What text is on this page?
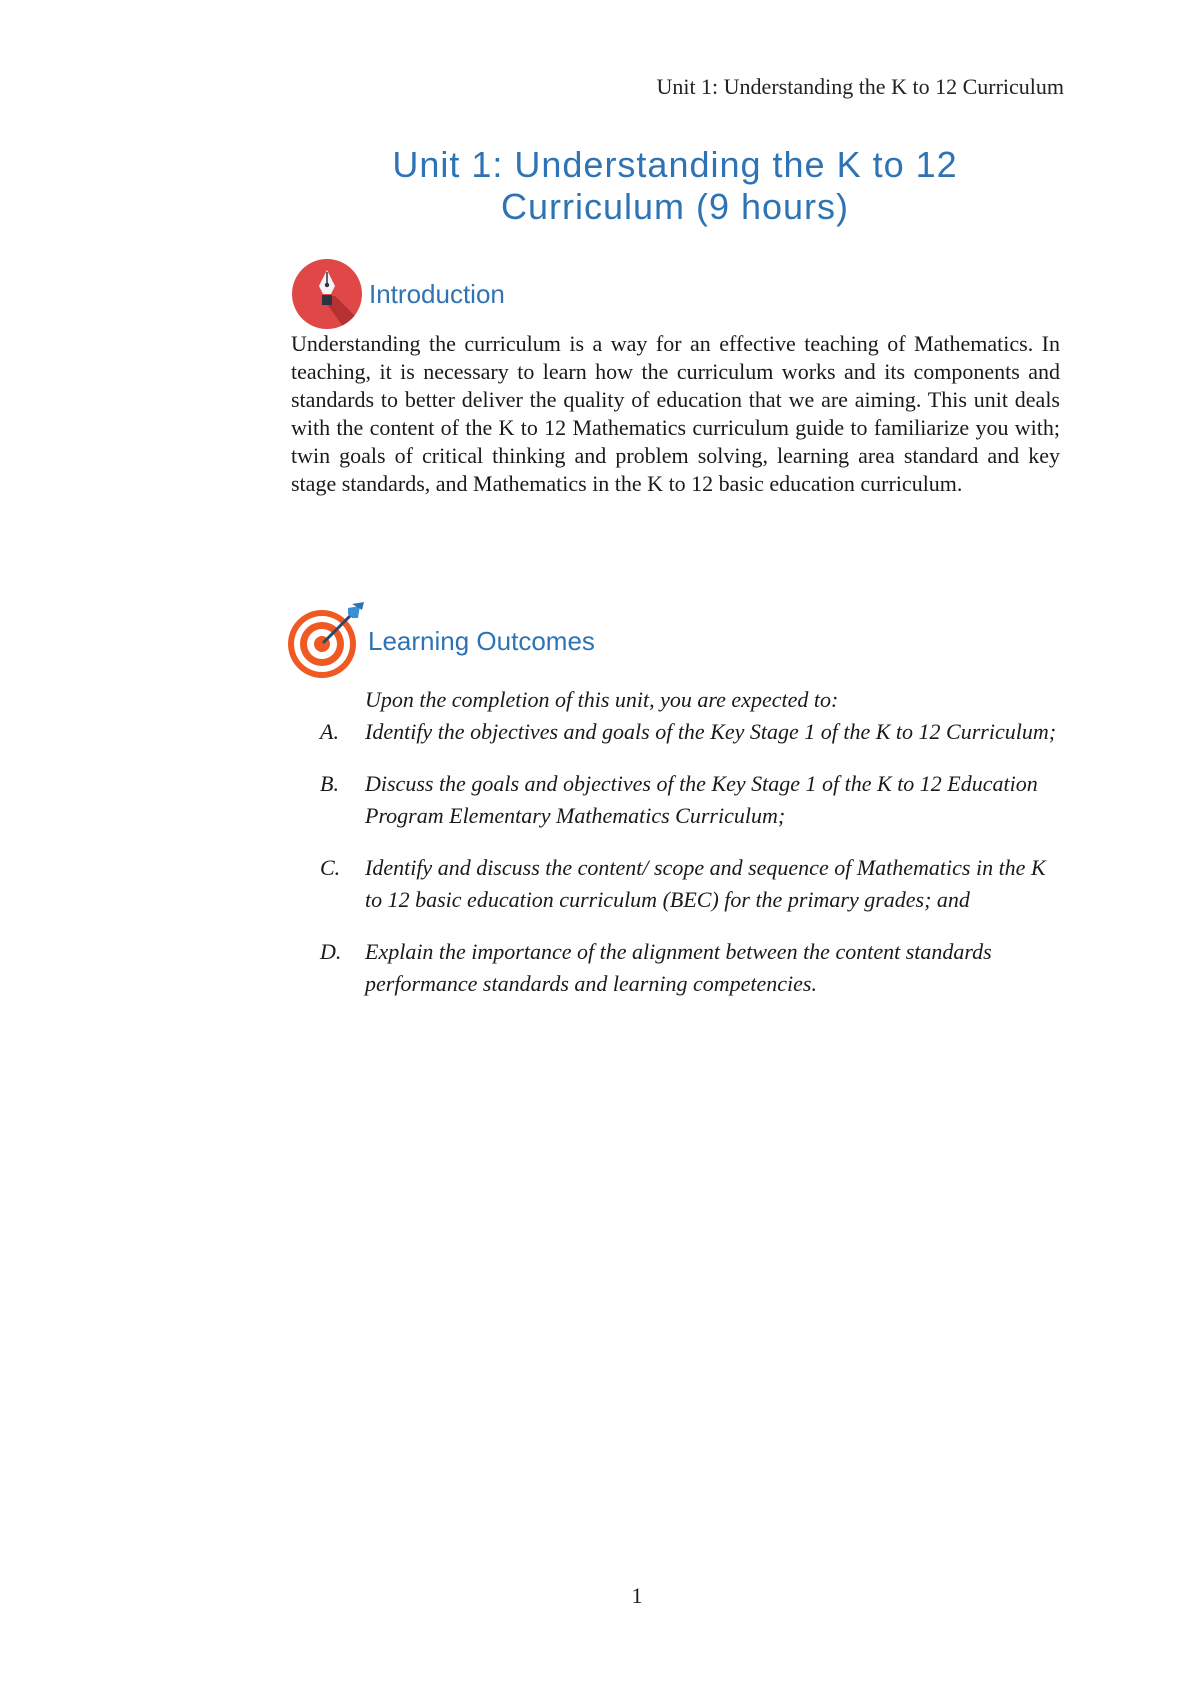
Unit 1: Understanding the K to 12 Curriculum
Unit 1: Understanding the K to 12
Curriculum (9 hours)
Introduction

Understanding the curriculum is a way for an effective teaching of Mathematics. In teaching, it is necessary to learn how the curriculum works and its components and standards to better deliver the quality of education that we are aiming. This unit deals with the content of the K to 12 Mathematics curriculum guide to familiarize you with; twin goals of critical thinking and problem solving, learning area standard and key stage standards, and Mathematics in the K to 12 basic education curriculum.

Learning Outcomes
Upon the completion of this unit, you are expected to:
A.	Identify the objectives and goals of the Key Stage 1 of the K to 12 Curriculum;
B.	Discuss the goals and objectives of the Key Stage 1 of the K to 12 Education Program Elementary Mathematics Curriculum;
C.	Identify and discuss the content/ scope and sequence of Mathematics in the K to 12 basic education curriculum (BEC) for the primary grades; and
D.	Explain the importance of the alignment between the content standards performance standards and learning competencies.
1
